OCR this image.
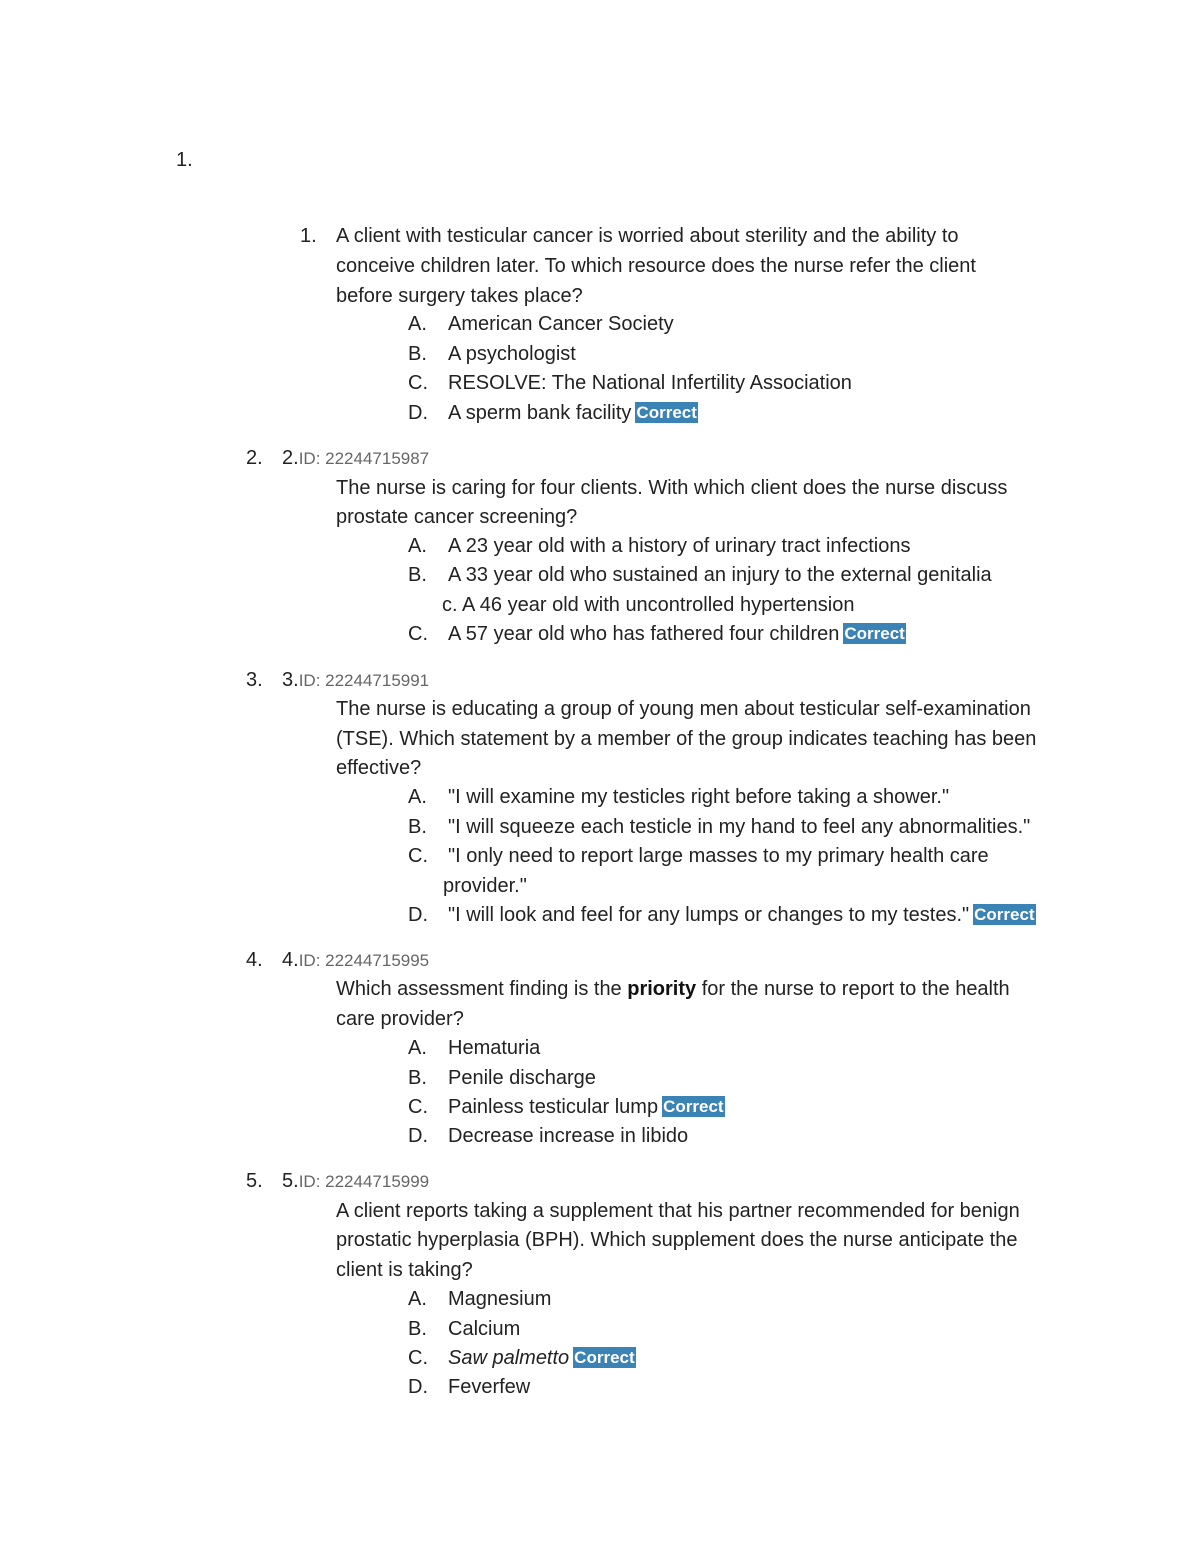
1.
1. A client with testicular cancer is worried about sterility and the ability to
conceive children later. To which resource does the nurse refer the client
before surgery takes place?
A. American Cancer Society
B. A psychologist
C. RESOLVE: The National Infertility Association
D. A sperm bank facility Correct
2. 2.ID: 22244715987
The nurse is caring for four clients. With which client does the nurse discuss
prostate cancer screening?
A. A 23 year old with a history of urinary tract infections
B. A 33 year old who sustained an injury to the external genitalia
c. A 46 year old with uncontrolled hypertension
C. A 57 year old who has fathered four children Correct
3. 3.ID: 22244715991
The nurse is educating a group of young men about testicular self-examination
(TSE). Which statement by a member of the group indicates teaching has been
effective?
A. "I will examine my testicles right before taking a shower."
B. "I will squeeze each testicle in my hand to feel any abnormalities."
C. "I only need to report large masses to my primary health care
provider."
D. "I will look and feel for any lumps or changes to my testes." Correct
4. 4.ID: 22244715995
Which assessment finding is the priority for the nurse to report to the health
care provider?
A. Hematuria
B. Penile discharge
C. Painless testicular lump Correct
D. Decrease increase in libido
5. 5.ID: 22244715999
A client reports taking a supplement that his partner recommended for benign
prostatic hyperplasia (BPH). Which supplement does the nurse anticipate the
client is taking?
A. Magnesium
B. Calcium
C. Saw palmetto Correct
D. Feverfew
